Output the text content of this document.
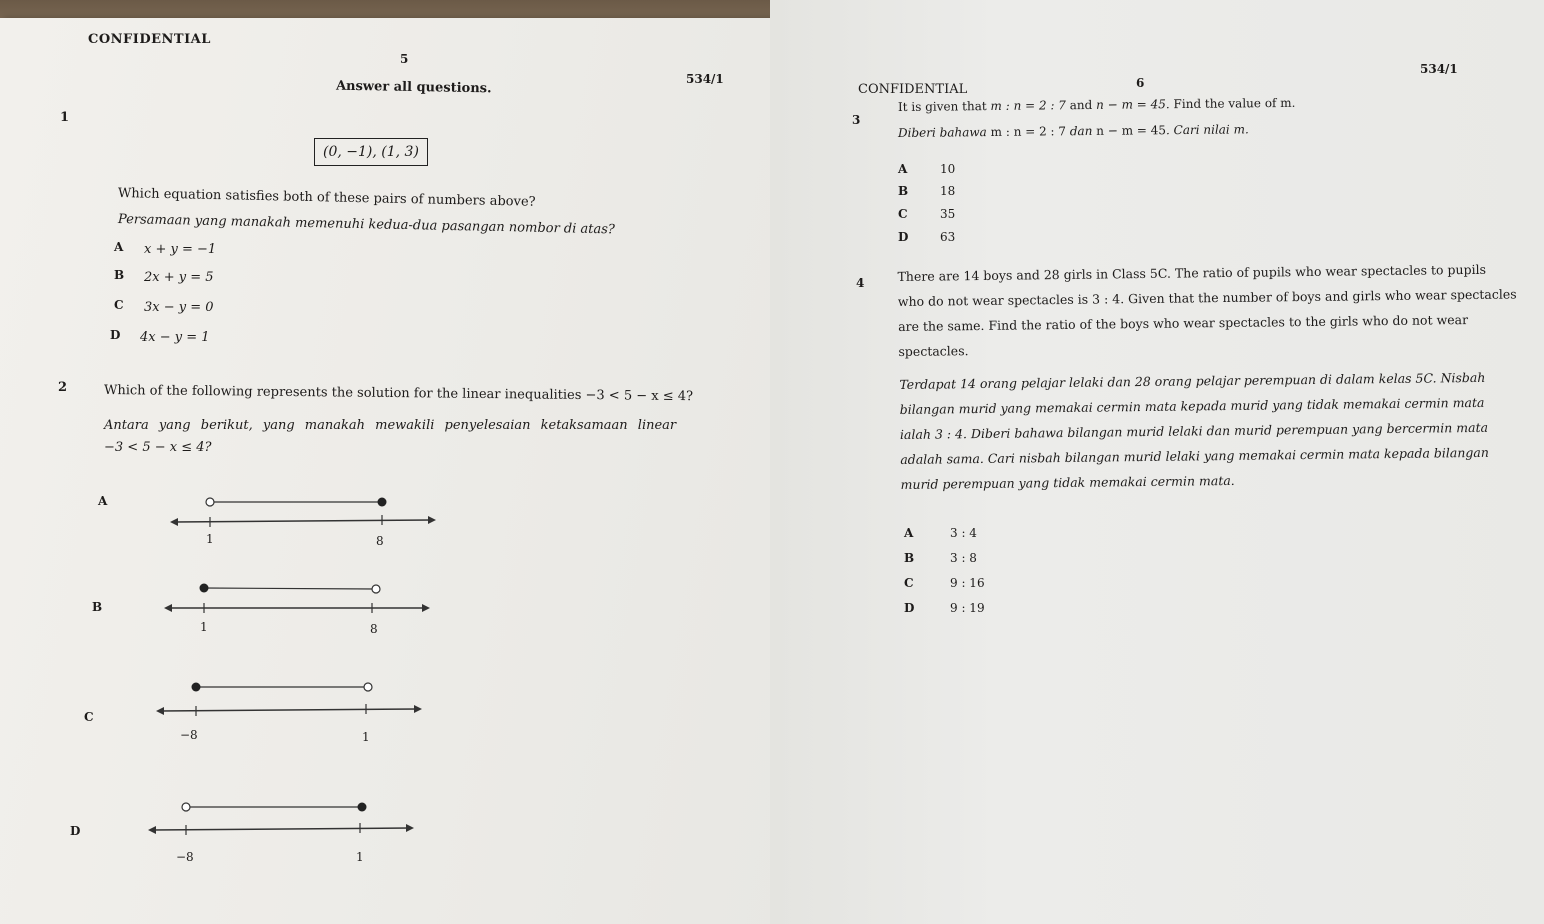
CONFIDENTIAL
5
534/1
Answer all questions.
1
(0, −1), (1, 3)
Which equation satisfies both of these pairs of numbers above?
Persamaan yang manakah memenuhi kedua-dua pasangan nombor di atas?
A x + y = −1
B 2x + y = 5
C 3x − y = 0
D 4x − y = 1
2	Which of the following represents the solution for the linear inequalities −3 < 5 − x ≤ 4?
Antara yang berikut, yang manakah mewakili penyelesaian ketaksamaan linear
−3 < 5 − x ≤ 4?
A
1	8
B
1	8
C
−8	1
D
−8	1
534/1
CONFIDENTIAL	6
3
It is given that m : n = 2 : 7 and n − m = 45. Find the value of m.
Diberi bahawa m : n = 2 : 7 dan n − m = 45. Cari nilai m.
A	10
B	18
C	35
D	63
4	There are 14 boys and 28 girls in Class 5C. The ratio of pupils who wear spectacles to pupils
who do not wear spectacles is 3 : 4. Given that the number of boys and girls who wear spectacles
are the same. Find the ratio of the boys who wear spectacles to the girls who do not wear
spectacles.
Terdapat 14 orang pelajar lelaki dan 28 orang pelajar perempuan di dalam kelas 5C. Nisbah
bilangan murid yang memakai cermin mata kepada murid yang tidak memakai cermin mata
ialah 3 : 4. Diberi bahawa bilangan murid lelaki dan murid perempuan yang bercermin mata
adalah sama. Cari nisbah bilangan murid lelaki yang memakai cermin mata kepada bilangan
murid perempuan yang tidak memakai cermin mata.
A	3 : 4
B	3 : 8
C	9 : 16
D	9 : 19
